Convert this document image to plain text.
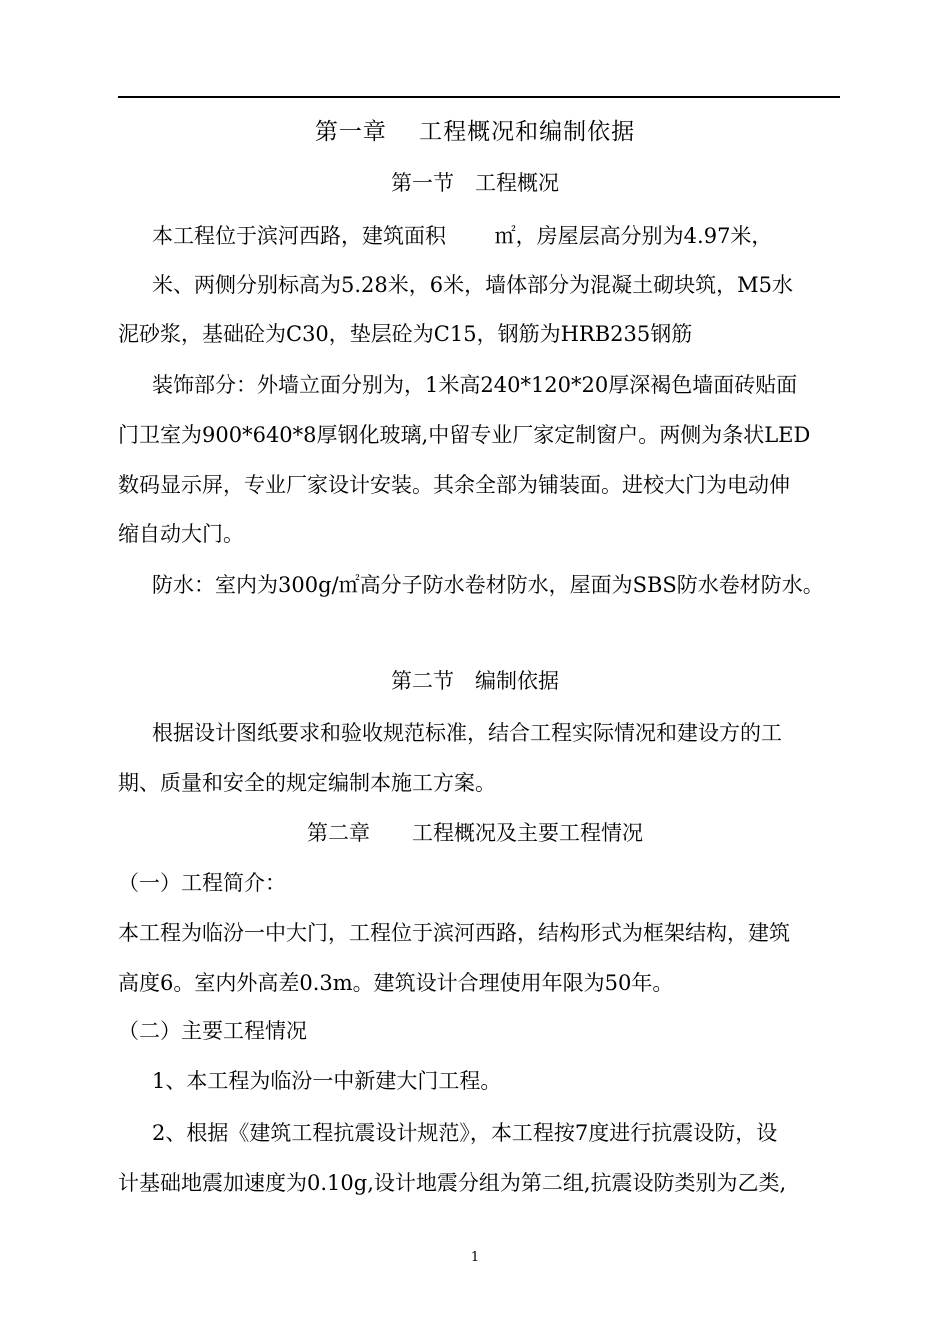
第一章　 工程概况和编制依据
第一节　工程概况
本工程位于滨河西路，建筑面积　　 ㎡，房屋层高分别为4.97米，
米、两侧分别标高为5.28米，6米，墙体部分为混凝土砌块筑，M5水
泥砂浆，基础砼为C30，垫层砼为C15，钢筋为HRB235钢筋
装饰部分：外墙立面分别为，1米高240*120*20厚深褐色墙面砖贴面
门卫室为900*640*8厚钢化玻璃,中留专业厂家定制窗户。两侧为条状LED
数码显示屏，专业厂家设计安装。其余全部为铺装面。进校大门为电动伸
缩自动大门。
防水：室内为300g/㎡高分子防水卷材防水，屋面为SBS防水卷材防水。
第二节　编制依据
根据设计图纸要求和验收规范标准，结合工程实际情况和建设方的工
期、质量和安全的规定编制本施工方案。
第二章　　工程概况及主要工程情况
（一）工程简介：
本工程为临汾一中大门，工程位于滨河西路，结构形式为框架结构，建筑
高度6。室内外高差0.3m。建筑设计合理使用年限为50年。
（二）主要工程情况
1、本工程为临汾一中新建大门工程。
2、根据《建筑工程抗震设计规范》，本工程按7度进行抗震设防，设
计基础地震加速度为0.10g,设计地震分组为第二组,抗震设防类别为乙类,
1
